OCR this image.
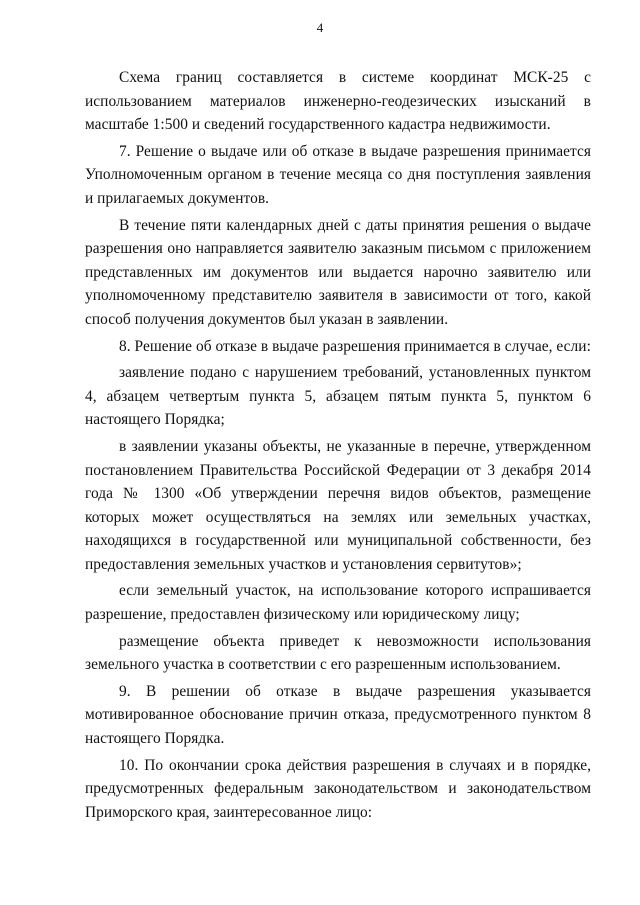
4

Схема границ составляется в системе координат МСК-25 с использованием материалов инженерно-геодезических изысканий в масштабе 1:500 и сведений государственного кадастра недвижимости.

7. Решение о выдаче или об отказе в выдаче разрешения принимается Уполномоченным органом в течение месяца со дня поступления заявления и прилагаемых документов.

В течение пяти календарных дней с даты принятия решения о выдаче разрешения оно направляется заявителю заказным письмом с приложением представленных им документов или выдается нарочно заявителю или уполномоченному представителю заявителя в зависимости от того, какой способ получения документов был указан в заявлении.

8. Решение об отказе в выдаче разрешения принимается в случае, если:

заявление подано с нарушением требований, установленных пунктом 4, абзацем четвертым пункта 5, абзацем пятым пункта 5, пунктом 6 настоящего Порядка;

в заявлении указаны объекты, не указанные в перечне, утвержденном постановлением Правительства Российской Федерации от 3 декабря 2014 года № 1300 «Об утверждении перечня видов объектов, размещение которых может осуществляться на землях или земельных участках, находящихся в государственной или муниципальной собственности, без предоставления земельных участков и установления сервитутов»;

если земельный участок, на использование которого испрашивается разрешение, предоставлен физическому или юридическому лицу;

размещение объекта приведет к невозможности использования земельного участка в соответствии с его разрешенным использованием.

9. В решении об отказе в выдаче разрешения указывается мотивированное обоснование причин отказа, предусмотренного пунктом 8 настоящего Порядка.

10. По окончании срока действия разрешения в случаях и в порядке, предусмотренных федеральным законодательством и законодательством Приморского края, заинтересованное лицо:
